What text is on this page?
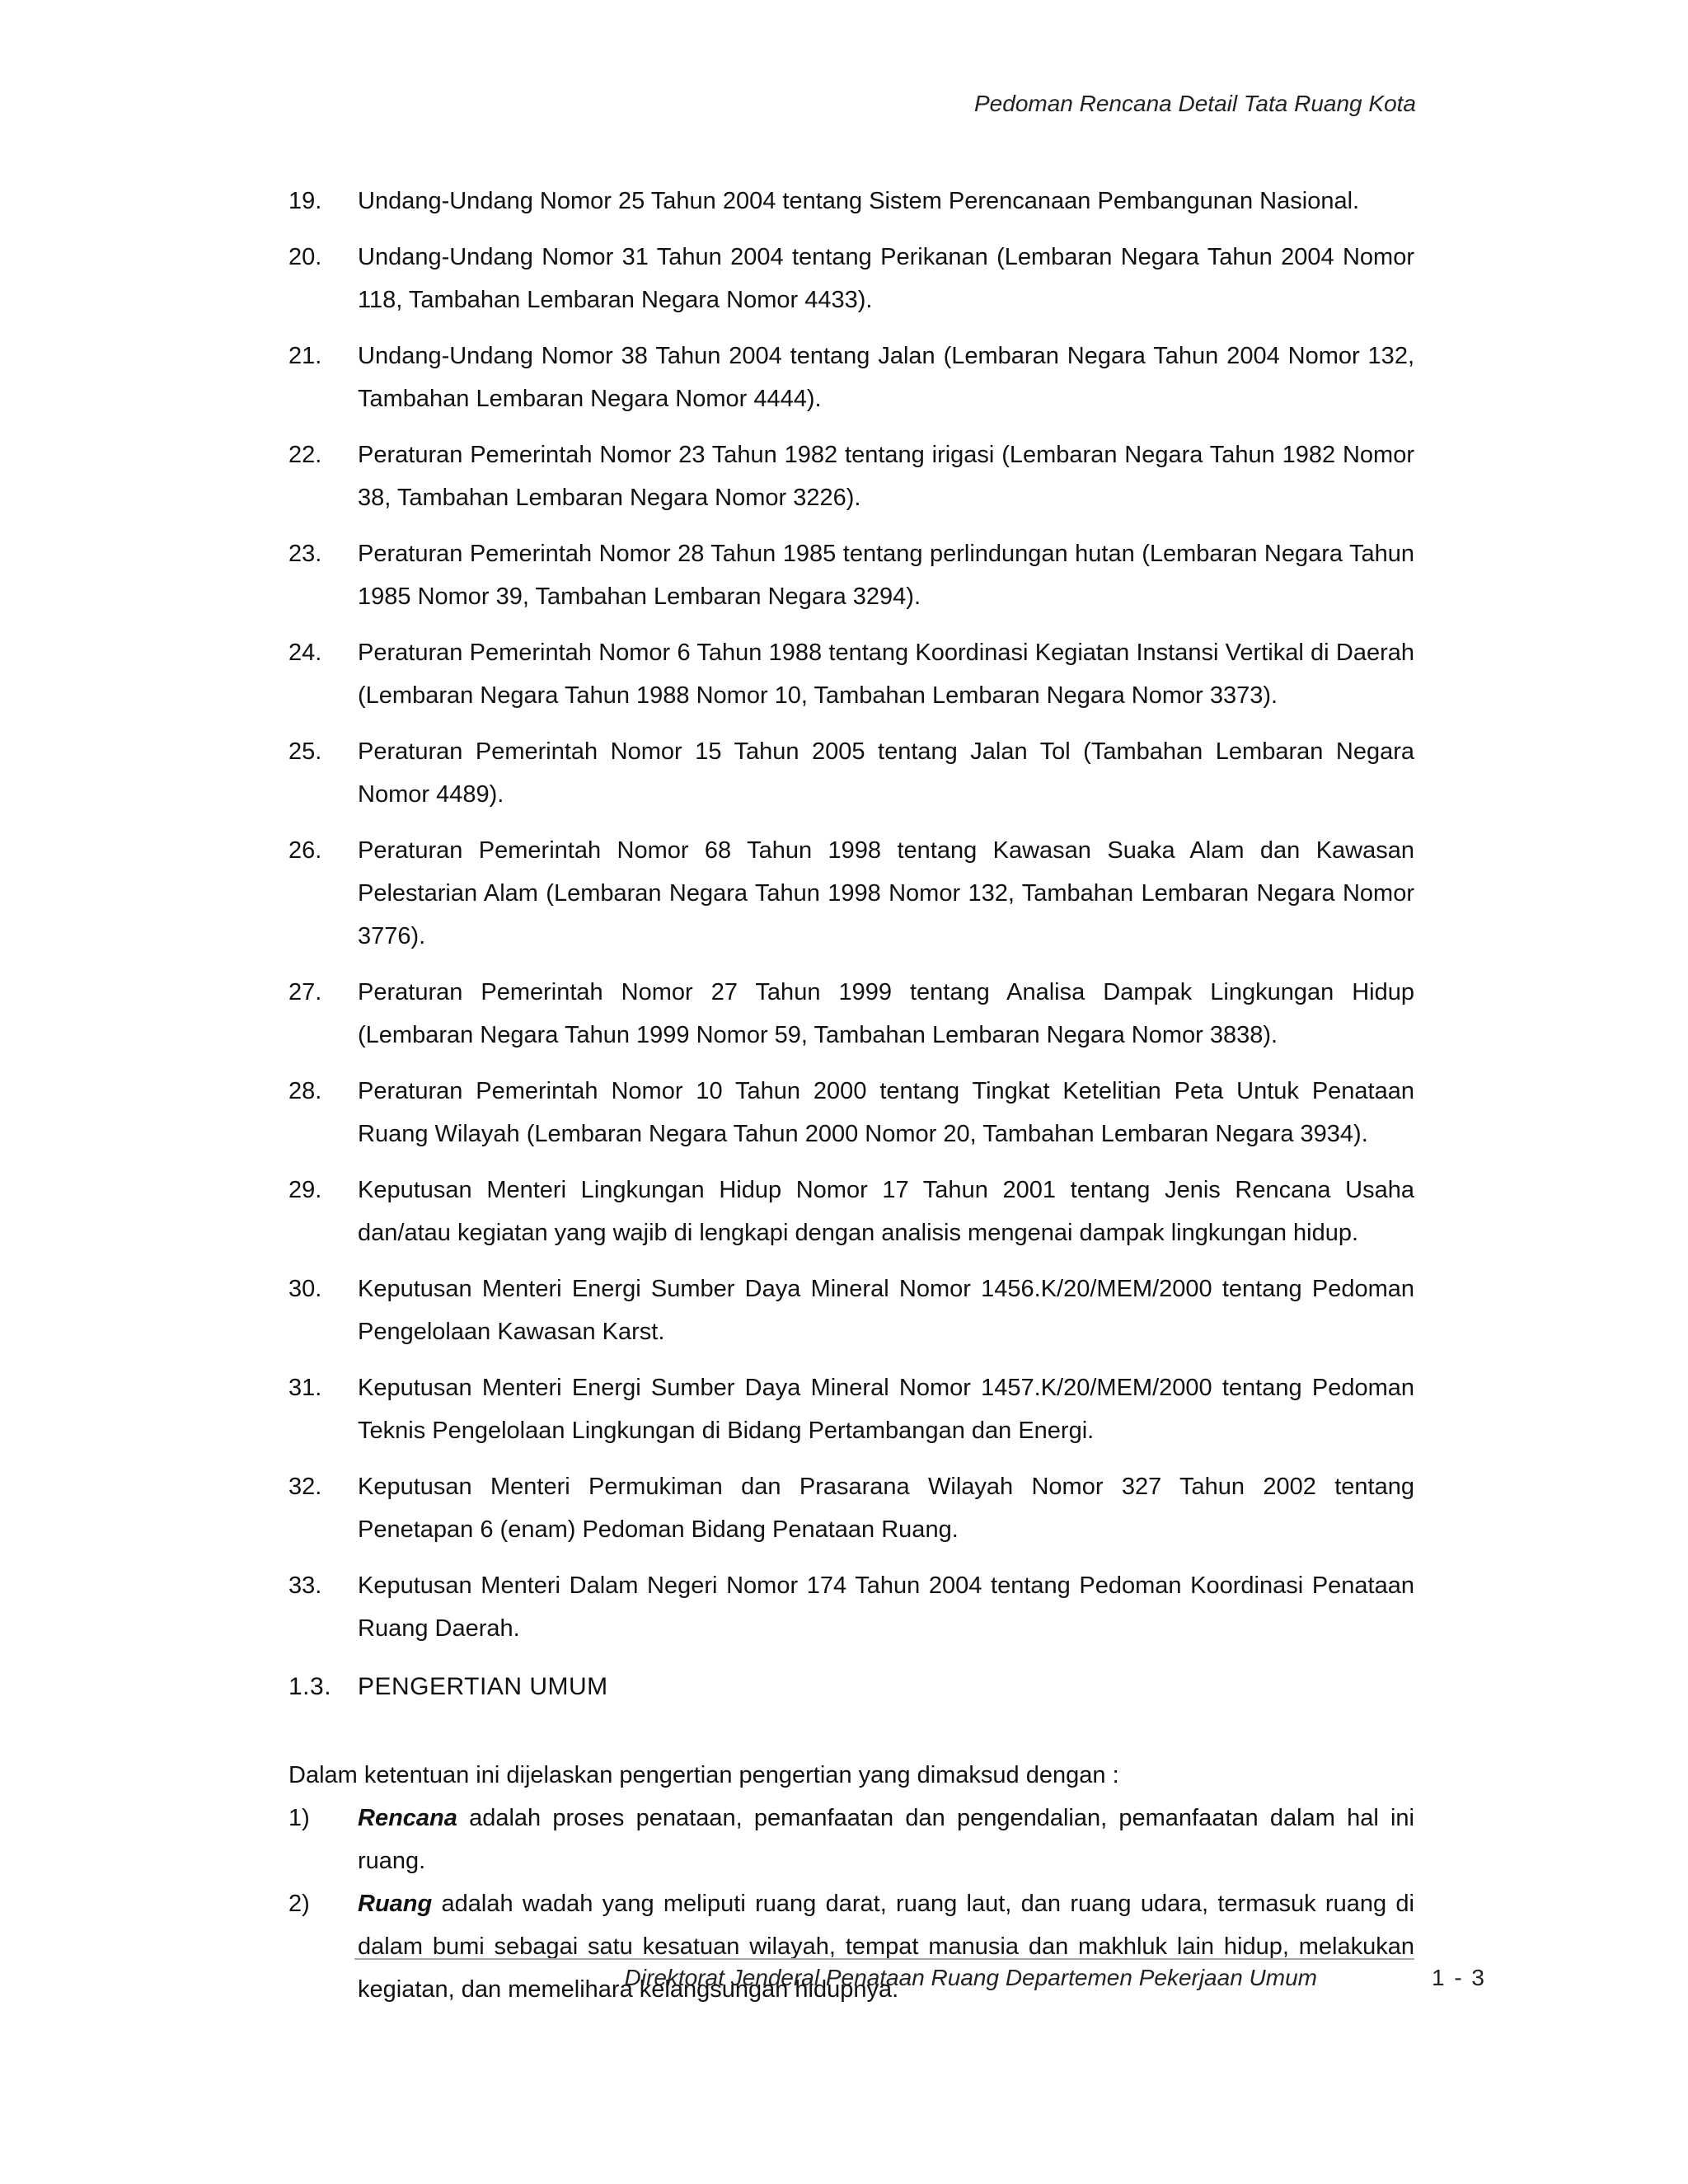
Pedoman Rencana Detail Tata Ruang Kota
19.	Undang-Undang Nomor 25 Tahun 2004 tentang Sistem Perencanaan Pembangunan Nasional.
20.	Undang-Undang Nomor 31 Tahun 2004 tentang Perikanan (Lembaran Negara Tahun 2004 Nomor 118, Tambahan Lembaran Negara Nomor 4433).
21.	Undang-Undang Nomor 38 Tahun 2004 tentang Jalan (Lembaran Negara Tahun 2004 Nomor 132, Tambahan Lembaran Negara Nomor 4444).
22.	Peraturan Pemerintah Nomor 23 Tahun 1982 tentang irigasi (Lembaran Negara Tahun 1982 Nomor 38, Tambahan Lembaran Negara Nomor 3226).
23.	Peraturan Pemerintah Nomor 28 Tahun 1985 tentang perlindungan hutan (Lembaran Negara Tahun 1985 Nomor 39, Tambahan Lembaran Negara 3294).
24.	Peraturan Pemerintah Nomor 6 Tahun 1988 tentang Koordinasi Kegiatan Instansi Vertikal di Daerah (Lembaran Negara Tahun 1988 Nomor 10, Tambahan Lembaran Negara Nomor 3373).
25.	Peraturan Pemerintah Nomor 15 Tahun 2005 tentang Jalan Tol (Tambahan Lembaran Negara Nomor 4489).
26.	Peraturan Pemerintah Nomor 68 Tahun 1998 tentang Kawasan Suaka Alam dan Kawasan Pelestarian Alam (Lembaran Negara Tahun 1998 Nomor 132, Tambahan Lembaran Negara Nomor 3776).
27.	Peraturan Pemerintah Nomor 27 Tahun 1999 tentang Analisa Dampak Lingkungan Hidup (Lembaran Negara Tahun 1999 Nomor 59, Tambahan Lembaran Negara Nomor 3838).
28.	Peraturan Pemerintah Nomor 10 Tahun 2000 tentang Tingkat Ketelitian Peta Untuk Penataan Ruang Wilayah (Lembaran Negara Tahun 2000 Nomor 20, Tambahan Lembaran Negara 3934).
29.	Keputusan Menteri Lingkungan Hidup Nomor 17 Tahun 2001 tentang Jenis Rencana Usaha dan/atau kegiatan yang wajib di lengkapi dengan analisis mengenai dampak lingkungan hidup.
30.	Keputusan Menteri Energi Sumber Daya Mineral Nomor 1456.K/20/MEM/2000 tentang Pedoman Pengelolaan Kawasan Karst.
31.	Keputusan Menteri Energi Sumber Daya Mineral Nomor 1457.K/20/MEM/2000 tentang Pedoman Teknis Pengelolaan Lingkungan di Bidang Pertambangan dan Energi.
32.	Keputusan Menteri Permukiman dan Prasarana Wilayah Nomor 327 Tahun 2002 tentang Penetapan 6 (enam) Pedoman Bidang Penataan Ruang.
33.	Keputusan Menteri Dalam Negeri Nomor 174 Tahun 2004 tentang Pedoman Koordinasi Penataan Ruang Daerah.
1.3.	PENGERTIAN UMUM
Dalam ketentuan ini dijelaskan pengertian pengertian yang dimaksud dengan :
1)	Rencana adalah proses penataan, pemanfaatan dan pengendalian, pemanfaatan dalam hal ini ruang.
2)	Ruang adalah wadah yang meliputi ruang darat, ruang laut, dan ruang udara, termasuk ruang di dalam bumi sebagai satu kesatuan wilayah, tempat manusia dan makhluk lain hidup, melakukan kegiatan, dan memelihara kelangsungan hidupnya.
Direktorat Jenderal Penataan Ruang Departemen Pekerjaan Umum	1 - 3
